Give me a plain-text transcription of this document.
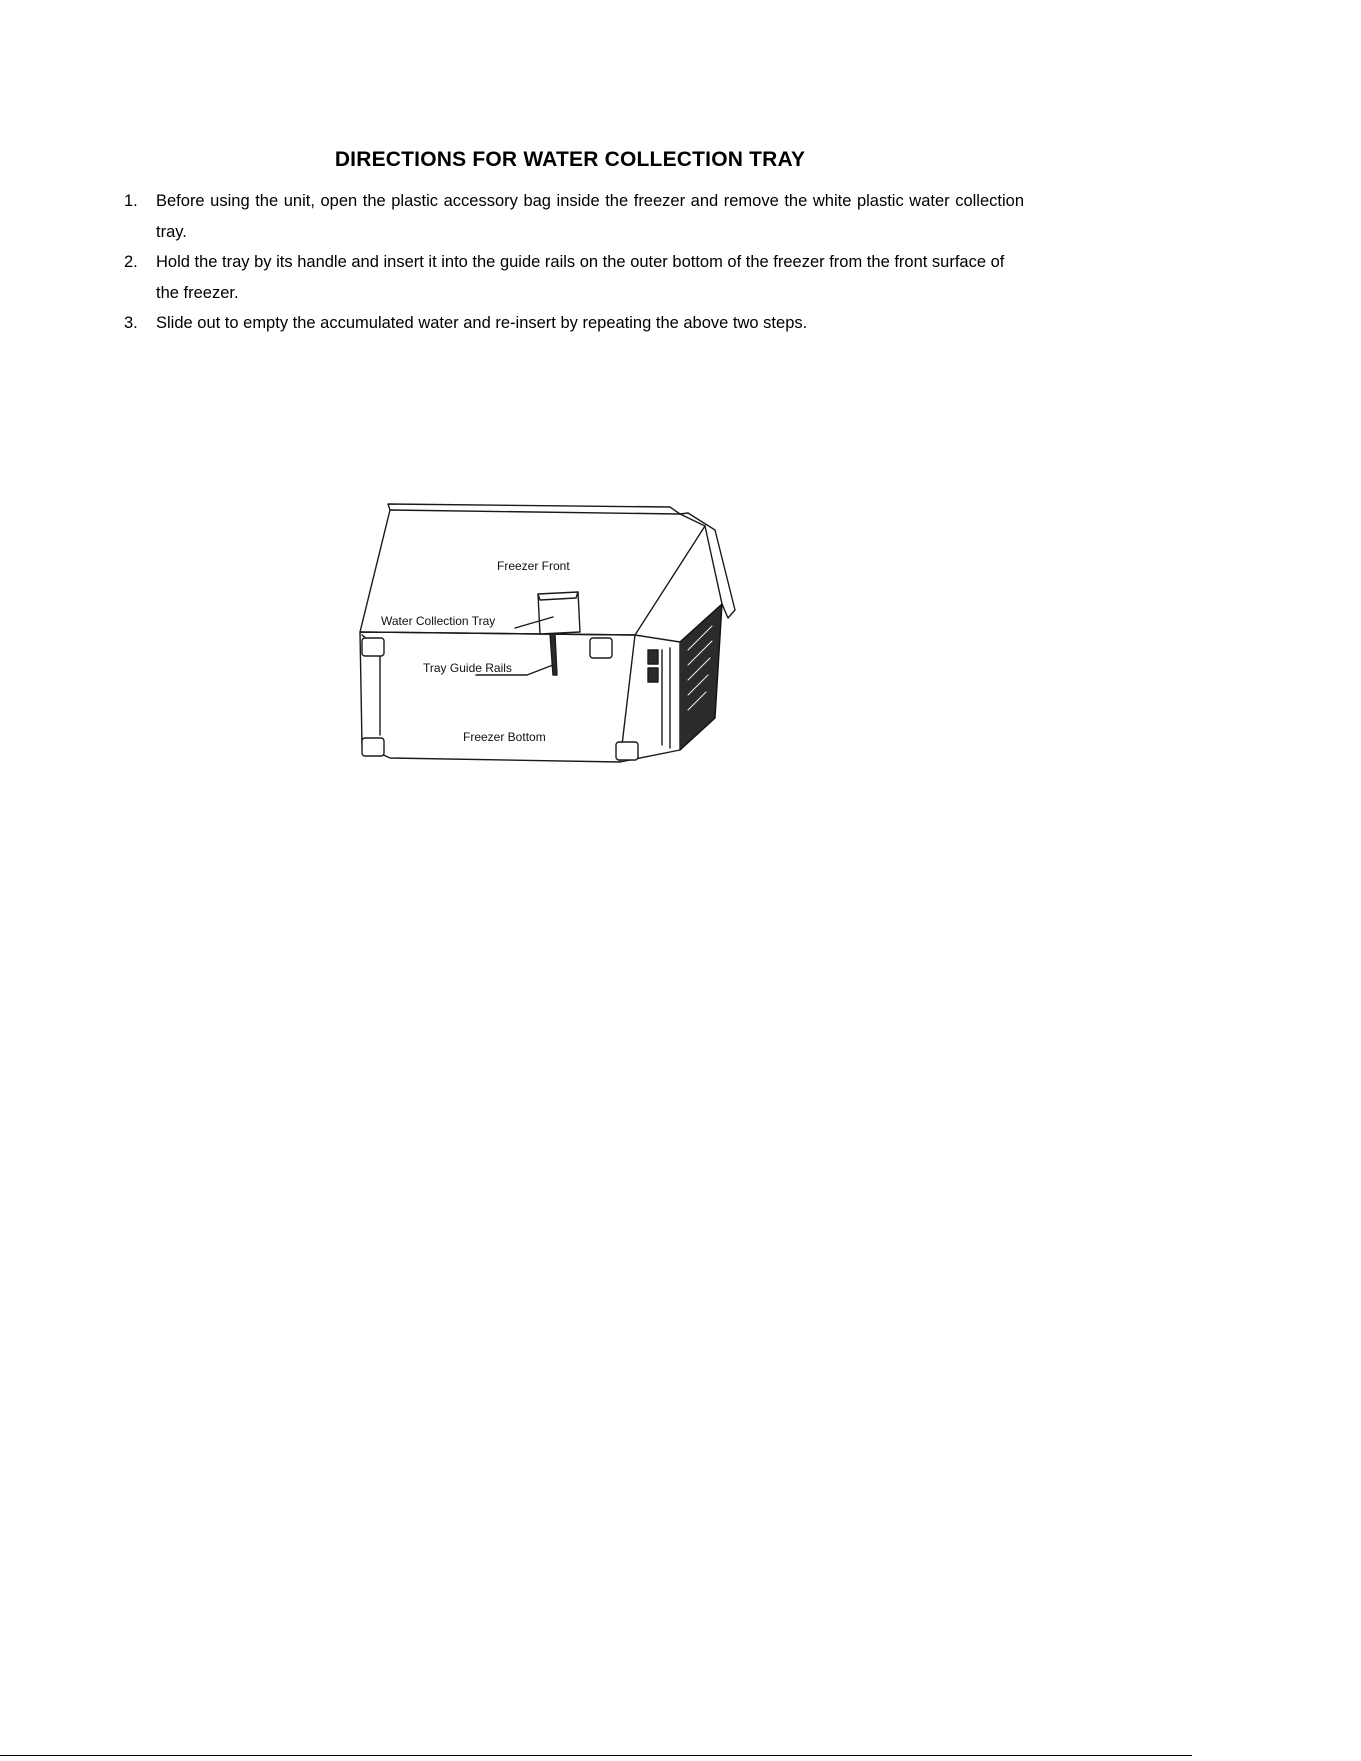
DIRECTIONS FOR WATER COLLECTION TRAY
1.	Before using the unit, open the plastic accessory bag inside the freezer and remove the white plastic water collection tray.
2.	Hold the tray by its handle and insert it into the guide rails on the outer bottom of the freezer from the front surface of the freezer.
3.	Slide out to empty the accumulated water and re-insert by repeating the above two steps.
Freezer Front
Water Collection Tray
Tray Guide Rails
Freezer Bottom
